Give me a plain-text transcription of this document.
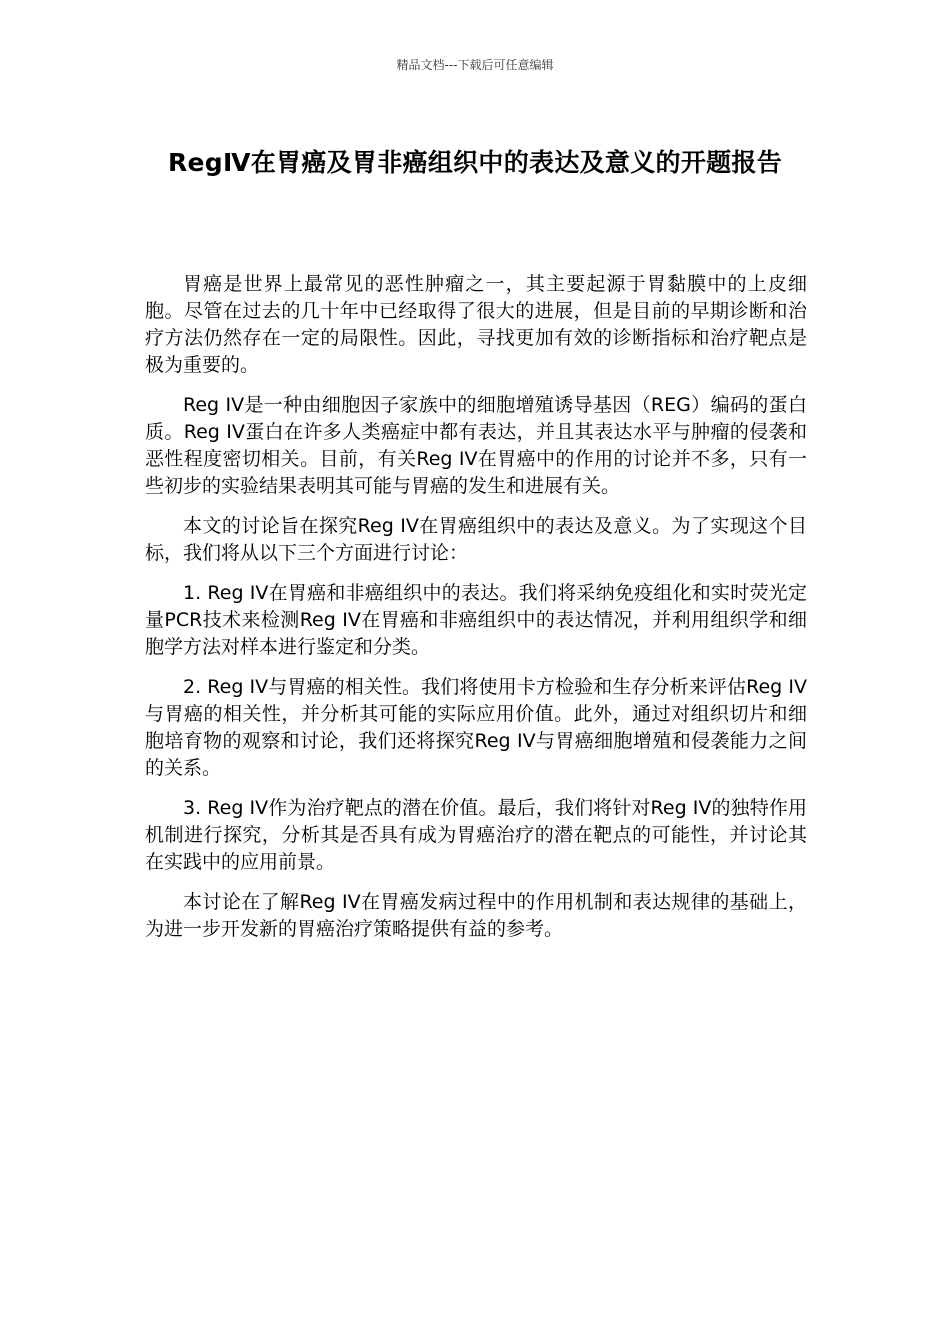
精品文档---下载后可任意编辑
RegⅣ在胃癌及胃非癌组织中的表达及意义的开题报告

胃癌是世界上最常见的恶性肿瘤之一，其主要起源于胃黏膜中的上皮细胞。尽管在过去的几十年中已经取得了很大的进展，但是目前的早期诊断和治疗方法仍然存在一定的局限性。因此，寻找更加有效的诊断指标和治疗靶点是极为重要的。

Reg IV是一种由细胞因子家族中的细胞增殖诱导基因（REG）编码的蛋白质。Reg IV蛋白在许多人类癌症中都有表达，并且其表达水平与肿瘤的侵袭和恶性程度密切相关。目前，有关Reg IV在胃癌中的作用的讨论并不多，只有一些初步的实验结果表明其可能与胃癌的发生和进展有关。

本文的讨论旨在探究Reg IV在胃癌组织中的表达及意义。为了实现这个目标，我们将从以下三个方面进行讨论：

1. Reg IV在胃癌和非癌组织中的表达。我们将采纳免疫组化和实时荧光定量PCR技术来检测Reg IV在胃癌和非癌组织中的表达情况，并利用组织学和细胞学方法对样本进行鉴定和分类。

2. Reg IV与胃癌的相关性。我们将使用卡方检验和生存分析来评估Reg IV与胃癌的相关性，并分析其可能的实际应用价值。此外，通过对组织切片和细胞培育物的观察和讨论，我们还将探究Reg IV与胃癌细胞增殖和侵袭能力之间的关系。

3. Reg IV作为治疗靶点的潜在价值。最后，我们将针对Reg IV的独特作用机制进行探究，分析其是否具有成为胃癌治疗的潜在靶点的可能性，并讨论其在实践中的应用前景。

本讨论在了解Reg IV在胃癌发病过程中的作用机制和表达规律的基础上，为进一步开发新的胃癌治疗策略提供有益的参考。
